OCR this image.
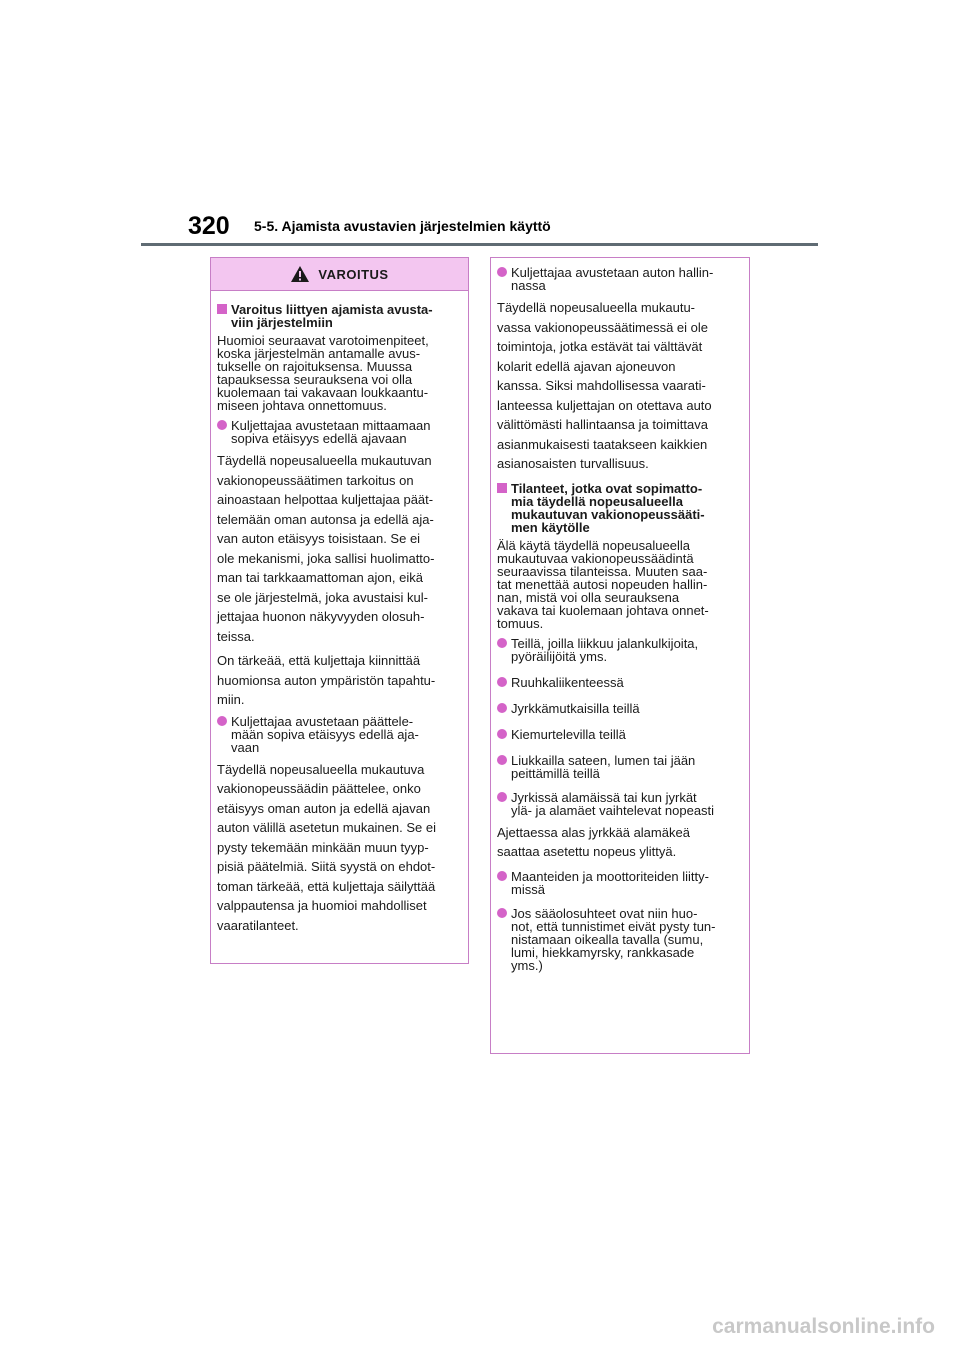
320 5-5. Ajamista avustavien järjestelmien käyttö
VAROITUS
Varoitus liittyen ajamista avusta-
viin järjestelmiin
Huomioi seuraavat varotoimenpiteet,
koska järjestelmän antamalle avus-
tukselle on rajoituksensa. Muussa
tapauksessa seurauksena voi olla
kuolemaan tai vakavaan loukkaantu-
miseen johtava onnettomuus.
Kuljettajaa avustetaan mittaamaan
sopiva etäisyys edellä ajavaan
Täydellä nopeusalueella mukautuvan
vakionopeussäätimen tarkoitus on
ainoastaan helpottaa kuljettajaa päät-
telemään oman autonsa ja edellä aja-
van auton etäisyys toisistaan. Se ei
ole mekanismi, joka sallisi huolimatto-
man tai tarkkaamattoman ajon, eikä
se ole järjestelmä, joka avustaisi kul-
jettajaa huonon näkyvyyden olosuh-
teissa.
On tärkeää, että kuljettaja kiinnittää
huomionsa auton ympäristön tapahtu-
miin.
Kuljettajaa avustetaan päättele-
mään sopiva etäisyys edellä aja-
vaan
Täydellä nopeusalueella mukautuva
vakionopeussäädin päättelee, onko
etäisyys oman auton ja edellä ajavan
auton välillä asetetun mukainen. Se ei
pysty tekemään minkään muun tyyp-
pisiä päätelmiä. Siitä syystä on ehdot-
toman tärkeää, että kuljettaja säilyttää
valppautensa ja huomioi mahdolliset
vaaratilanteet.
Kuljettajaa avustetaan auton hallin-
nassa
Täydellä nopeusalueella mukautu-
vassa vakionopeussäätimessä ei ole
toimintoja, jotka estävät tai välttävät
kolarit edellä ajavan ajoneuvon
kanssa. Siksi mahdollisessa vaarati-
lanteessa kuljettajan on otettava auto
välittömästi hallintaansa ja toimittava
asianmukaisesti taatakseen kaikkien
asianosaisten turvallisuus.
Tilanteet, jotka ovat sopimatto-
mia täydellä nopeusalueella
mukautuvan vakionopeussääti-
men käytölle
Älä käytä täydellä nopeusalueella
mukautuvaa vakionopeussäädintä
seuraavissa tilanteissa. Muuten saa-
tat menettää autosi nopeuden hallin-
nan, mistä voi olla seurauksena
vakava tai kuolemaan johtava onnet-
tomuus.
Teillä, joilla liikkuu jalankulkijoita,
pyöräilijöitä yms.
Ruuhkaliikenteessä
Jyrkkämutkaisilla teillä
Kiemurtelevilla teillä
Liukkailla sateen, lumen tai jään
peittämillä teillä
Jyrkissä alamäissä tai kun jyrkät
ylä- ja alamäet vaihtelevat nopeasti
Ajettaessa alas jyrkkää alamäkeä
saattaa asetettu nopeus ylittyä.
Maanteiden ja moottoriteiden liitty-
missä
Jos sääolosuhteet ovat niin huo-
not, että tunnistimet eivät pysty tun-
nistamaan oikealla tavalla (sumu,
lumi, hiekkamyrsky, rankkasade
yms.)
carmanualsonline.info
